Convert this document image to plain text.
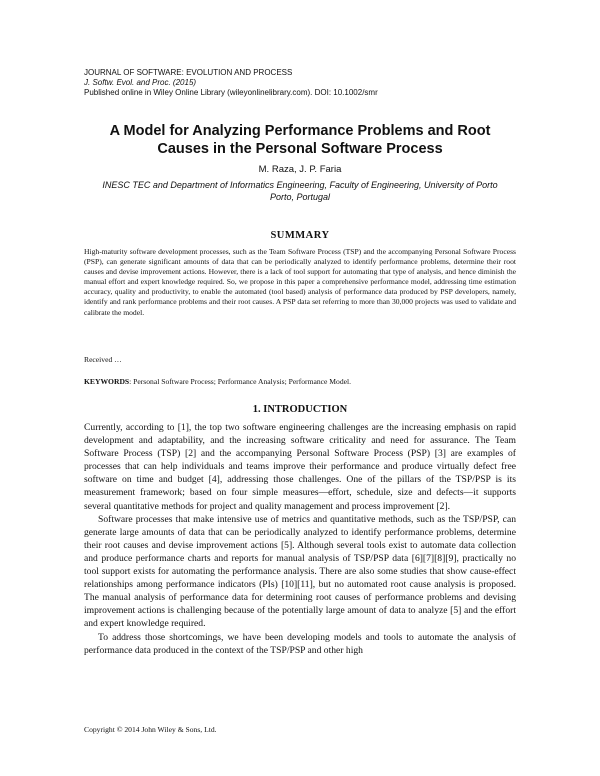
JOURNAL OF SOFTWARE: EVOLUTION AND PROCESS
J. Softw. Evol. and Proc. (2015)
Published online in Wiley Online Library (wileyonlinelibrary.com). DOI: 10.1002/smr
A Model for Analyzing Performance Problems and Root
Causes in the Personal Software Process
M. Raza, J. P. Faria
INESC TEC and Department of Informatics Engineering, Faculty of Engineering, University of Porto
Porto, Portugal
SUMMARY
High-maturity software development processes, such as the Team Software Process (TSP) and the accompanying Personal Software Process (PSP), can generate significant amounts of data that can be periodically analyzed to identify performance problems, determine their root causes and devise improvement actions. However, there is a lack of tool support for automating that type of analysis, and hence diminish the manual effort and expert knowledge required. So, we propose in this paper a comprehensive performance model, addressing time estimation accuracy, quality and productivity, to enable the automated (tool based) analysis of performance data produced by PSP developers, namely, identify and rank performance problems and their root causes. A PSP data set referring to more than 30,000 projects was used to validate and calibrate the model.
Received …
KEYWORDS: Personal Software Process; Performance Analysis; Performance Model.
1. INTRODUCTION

Currently, according to [1], the top two software engineering challenges are the increasing emphasis on rapid development and adaptability, and the increasing software criticality and need for assurance. The Team Software Process (TSP) [2] and the accompanying Personal Software Process (PSP) [3] are examples of processes that can help individuals and teams improve their performance and produce virtually defect free software on time and budget [4], addressing those challenges. One of the pillars of the TSP/PSP is its measurement framework; based on four simple measures—effort, schedule, size and defects—it supports several quantitative methods for project and quality management and process improvement [2].

Software processes that make intensive use of metrics and quantitative methods, such as the TSP/PSP, can generate large amounts of data that can be periodically analyzed to identify performance problems, determine their root causes and devise improvement actions [5]. Although several tools exist to automate data collection and produce performance charts and reports for manual analysis of TSP/PSP data [6][7][8][9], practically no tool support exists for automating the performance analysis. There are also some studies that show cause-effect relationships among performance indicators (PIs) [10][11], but no automated root cause analysis is proposed. The manual analysis of performance data for determining root causes of performance problems and devising improvement actions is challenging because of the potentially large amount of data to analyze [5] and the effort and expert knowledge required.

To address those shortcomings, we have been developing models and tools to automate the analysis of performance data produced in the context of the TSP/PSP and other high

Copyright © 2014 John Wiley & Sons, Ltd.
